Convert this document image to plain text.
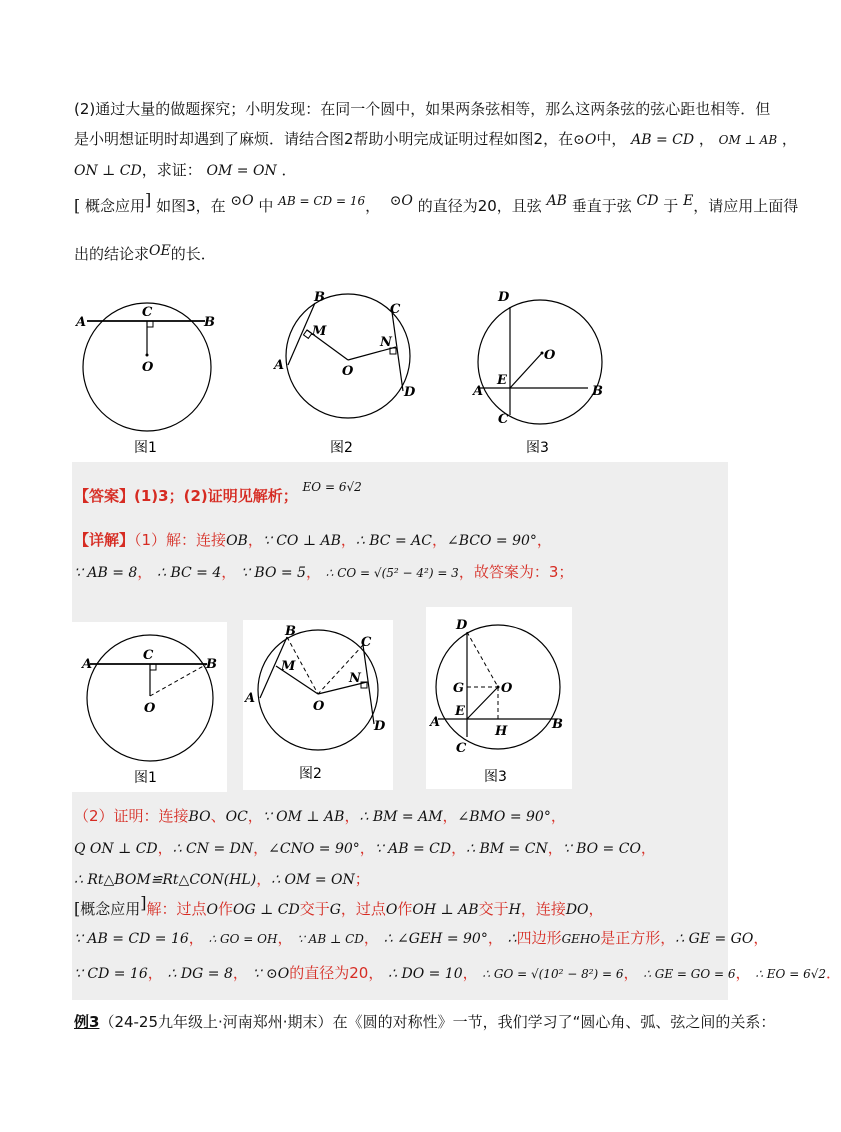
(2)通过大量的做题探究；小明发现：在同一个圆中，如果两条弦相等，那么这两条弦的弦心距也相等．但
是小明想证明时却遇到了麻烦．请结合图2帮助小明完成证明过程如图2，在⊙O中， AB = CD ， OM ⊥ AB ，
ON ⊥ CD，求证： OM = ON ．
[ 概念应用] 如图3，在 ⊙O 中 $^{AB = CD = 16}$，  ⊙O 的直径为20，且弦 AB 垂直于弦 CD 于 E，请应用上面得
出的结论求OE的长．
A	B
C
O
图1
B
A
C
D
M
N
O
图2
D
A	B
C
E
O
图3
【答案】(1)3；(2)证明见解析； $^{EO = 6√2}$
【详解】（1）解：连接OB，∵ CO ⊥ AB，∴ BC = AC，∠BCO = 90°，
∵ AB = 8， ∴ BC = 4， ∵ BO = 5， ∴ CO = √(5² − 4²) = 3，故答案为：3；
A	B
C
O
图1
B
A
C
D
M
N
O
图2
D
A	B
C
E
G
H
O
图3
（2）证明：连接BO、OC，∵ OM ⊥ AB，∴ BM = AM，∠BMO = 90°，
Q ON ⊥ CD，∴ CN = DN，∠CNO = 90°，∵ AB = CD，∴ BM = CN，∵ BO = CO，
∴ Rt△BOM≌Rt△CON(HL)，∴ OM = ON；
[概念应用]解：过点O作OG ⊥ CD交于G，过点O作OH ⊥ AB交于H，连接DO，
∵ AB = CD = 16， ∴ GO = OH， ∵ AB ⊥ CD， ∴ ∠GEH = 90°， ∴四边形GEHO是正方形，∴ GE = GO，
∵ CD = 16， ∴ DG = 8， ∵ ⊙O的直径为20， ∴ DO = 10， ∴ GO = √(10² − 8²) = 6， ∴ GE = GO = 6， ∴ EO = 6√2．
例3（24-25九年级上·河南郑州·期末）在《圆的对称性》一节，我们学习了“圆心角、弧、弦之间的关系：
